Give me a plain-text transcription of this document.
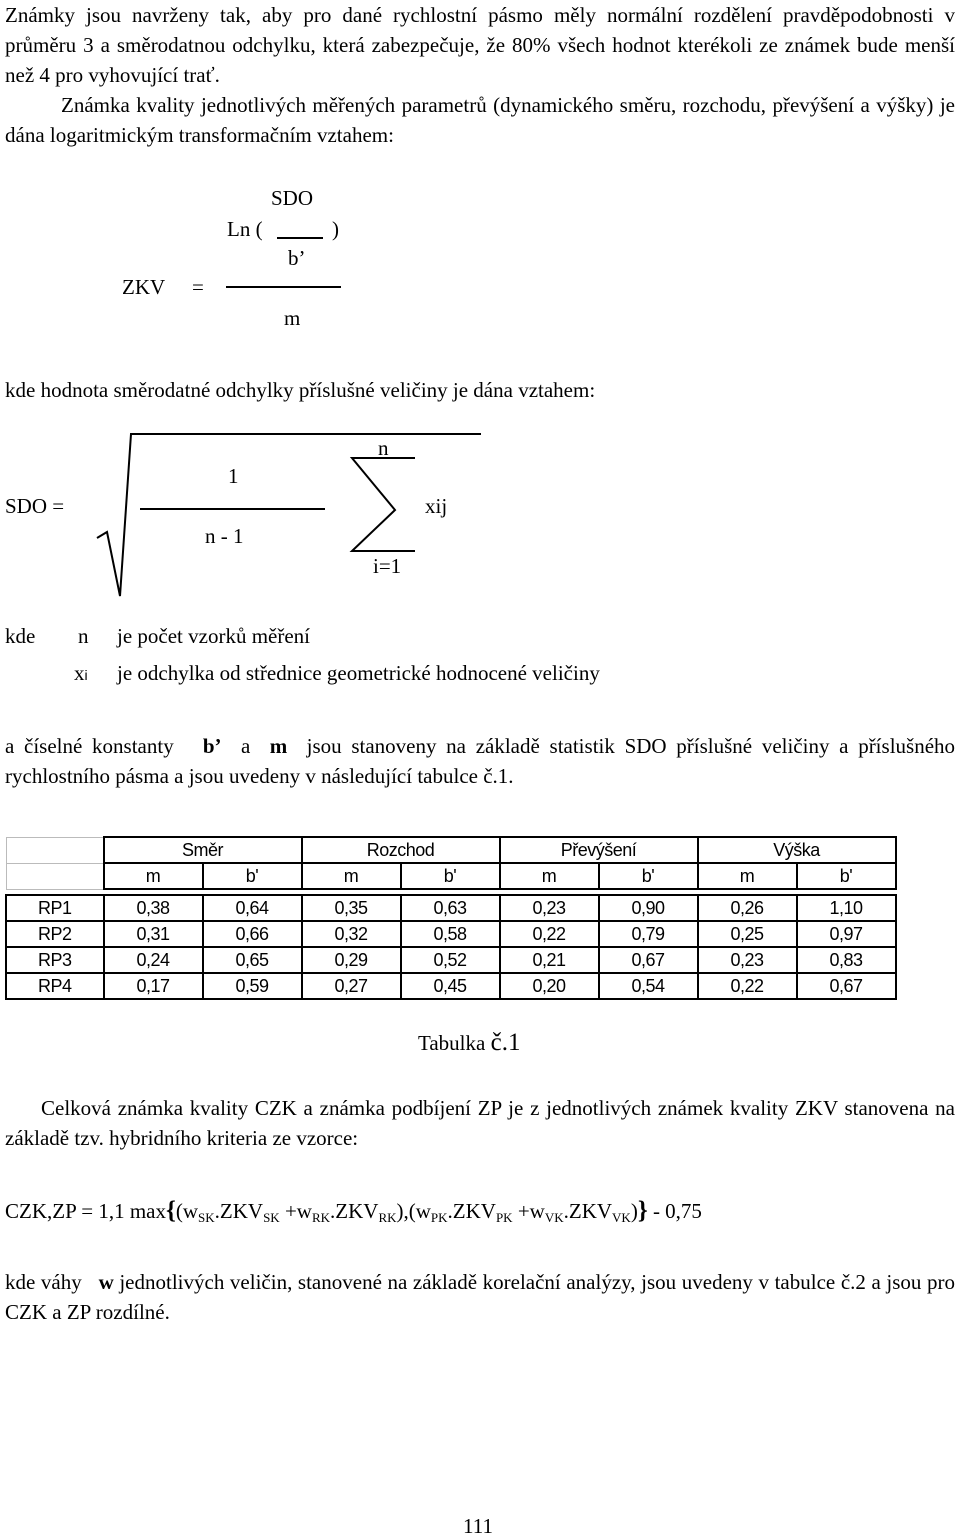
Známky jsou navrženy tak, aby pro dané rychlostní pásmo měly normální rozdělení pravděpodobnosti v průměru 3 a směrodatnou odchylku, která zabezpečuje, že 80% všech hodnot kterékoli ze známek bude menší než 4 pro vyhovující trať.
Známka kvality jednotlivých měřených parametrů (dynamického směru, rozchodu, převýšení a výšky) je dána logaritmickým transformačním vztahem:
SDO
Ln (	)
b’
ZKV =
m
kde hodnota směrodatné odchylky příslušné veličiny je dána vztahem:
SDO =
1
n - 1
n
i=1
xij
kde n je počet vzorků měření
xi je odchylka od střednice geometrické hodnocené veličiny
a číselné konstanty b’ a m jsou stanoveny na základě statistik SDO příslušné veličiny a příslušného rychlostního pásma a jsou uvedeny v následující tabulce č.1.
	Směr		Rozchod		Převýšení		Výška	
	m	b'	m	b'	m	b'	m	b'

RP1	0,38	0,64	0,35	0,63	0,23	0,90	0,26	1,10
RP2	0,31	0,66	0,32	0,58	0,22	0,79	0,25	0,97
RP3	0,24	0,65	0,29	0,52	0,21	0,67	0,23	0,83
RP4	0,17	0,59	0,27	0,45	0,20	0,54	0,22	0,67
Tabulka č.1
Celková známka kvality CZK a známka podbíjení ZP je z jednotlivých známek kvality ZKV stanovena na základě tzv. hybridního kriteria ze vzorce:
CZK,ZP = 1,1 $\max\{(w_{SK}.ZKV_{SK} +w_{RK}.ZKV_{RK}),(w_{PK}.ZKV_{PK} +w_{VK}.ZKV_{VK})\} - 0,75$
kde váhy w jednotlivých veličin, stanovené na základě korelační analýzy, jsou uvedeny v tabulce č.2 a jsou pro CZK a ZP rozdílné.
111
